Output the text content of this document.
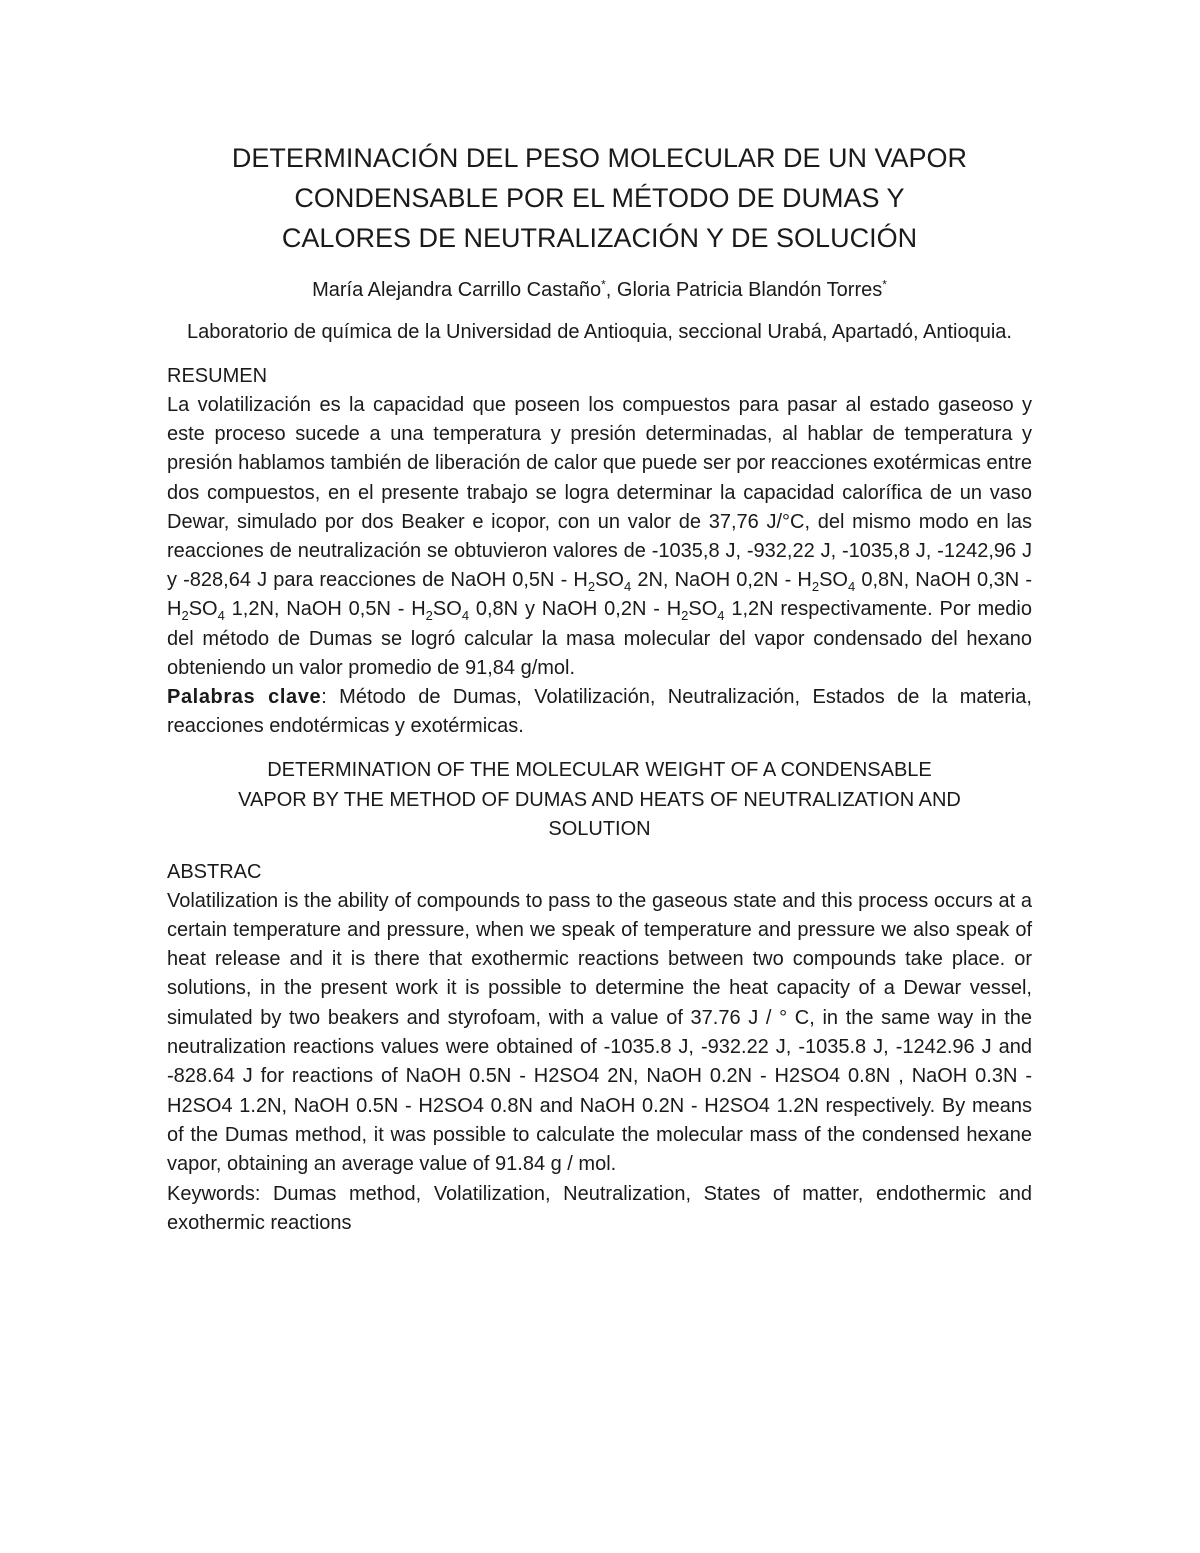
DETERMINACIÓN DEL PESO MOLECULAR DE UN VAPOR
CONDENSABLE POR EL MÉTODO DE DUMAS Y
CALORES DE NEUTRALIZACIÓN Y DE SOLUCIÓN
María Alejandra Carrillo Castaño*, Gloria Patricia Blandón Torres*
Laboratorio de química de la Universidad de Antioquia, seccional Urabá, Apartadó, Antioquia.
RESUMEN
La volatilización es la capacidad que poseen los compuestos para pasar al estado gaseoso y este proceso sucede a una temperatura y presión determinadas, al hablar de temperatura y presión hablamos también de liberación de calor que puede ser por reacciones exotérmicas entre dos compuestos, en el presente trabajo se logra determinar la capacidad calorífica de un vaso Dewar, simulado por dos Beaker e icopor, con un valor de 37,76 J/°C, del mismo modo en las reacciones de neutralización se obtuvieron valores de -1035,8 J, -932,22 J, -1035,8 J, -1242,96 J y -828,64 J para reacciones de NaOH $0,5N - H_2SO_4$ 2N, NaOH $0,2N - H_2SO_4$ 0,8N, NaOH $0,3N - H_2SO_4$ 1,2N, NaOH $0,5N - H_2SO_4$ 0,8N y NaOH $0,2N - H_2SO_4$ 1,2N respectivamente. Por medio del método de Dumas se logró calcular la masa molecular del vapor condensado del hexano obteniendo un valor promedio de 91,84 g/mol.
Palabras clave: Método de Dumas, Volatilización, Neutralización, Estados de la materia, reacciones endotérmicas y exotérmicas.
DETERMINATION OF THE MOLECULAR WEIGHT OF A CONDENSABLE
VAPOR BY THE METHOD OF DUMAS AND HEATS OF NEUTRALIZATION AND
SOLUTION
ABSTRAC
Volatilization is the ability of compounds to pass to the gaseous state and this process occurs at a certain temperature and pressure, when we speak of temperature and pressure we also speak of heat release and it is there that exothermic reactions between two compounds take place. or solutions, in the present work it is possible to determine the heat capacity of a Dewar vessel, simulated by two beakers and styrofoam, with a value of 37.76 J / ° C, in the same way in the neutralization reactions values were obtained of -1035.8 J, -932.22 J, -1035.8 J, -1242.96 J and -828.64 J for reactions of NaOH 0.5N - H2SO4 2N, NaOH 0.2N - H2SO4 0.8N , NaOH 0.3N - H2SO4 1.2N, NaOH 0.5N - H2SO4 0.8N and NaOH 0.2N - H2SO4 1.2N respectively. By means of the Dumas method, it was possible to calculate the molecular mass of the condensed hexane vapor, obtaining an average value of 91.84 g / mol.
Keywords: Dumas method, Volatilization, Neutralization, States of matter, endothermic and exothermic reactions
